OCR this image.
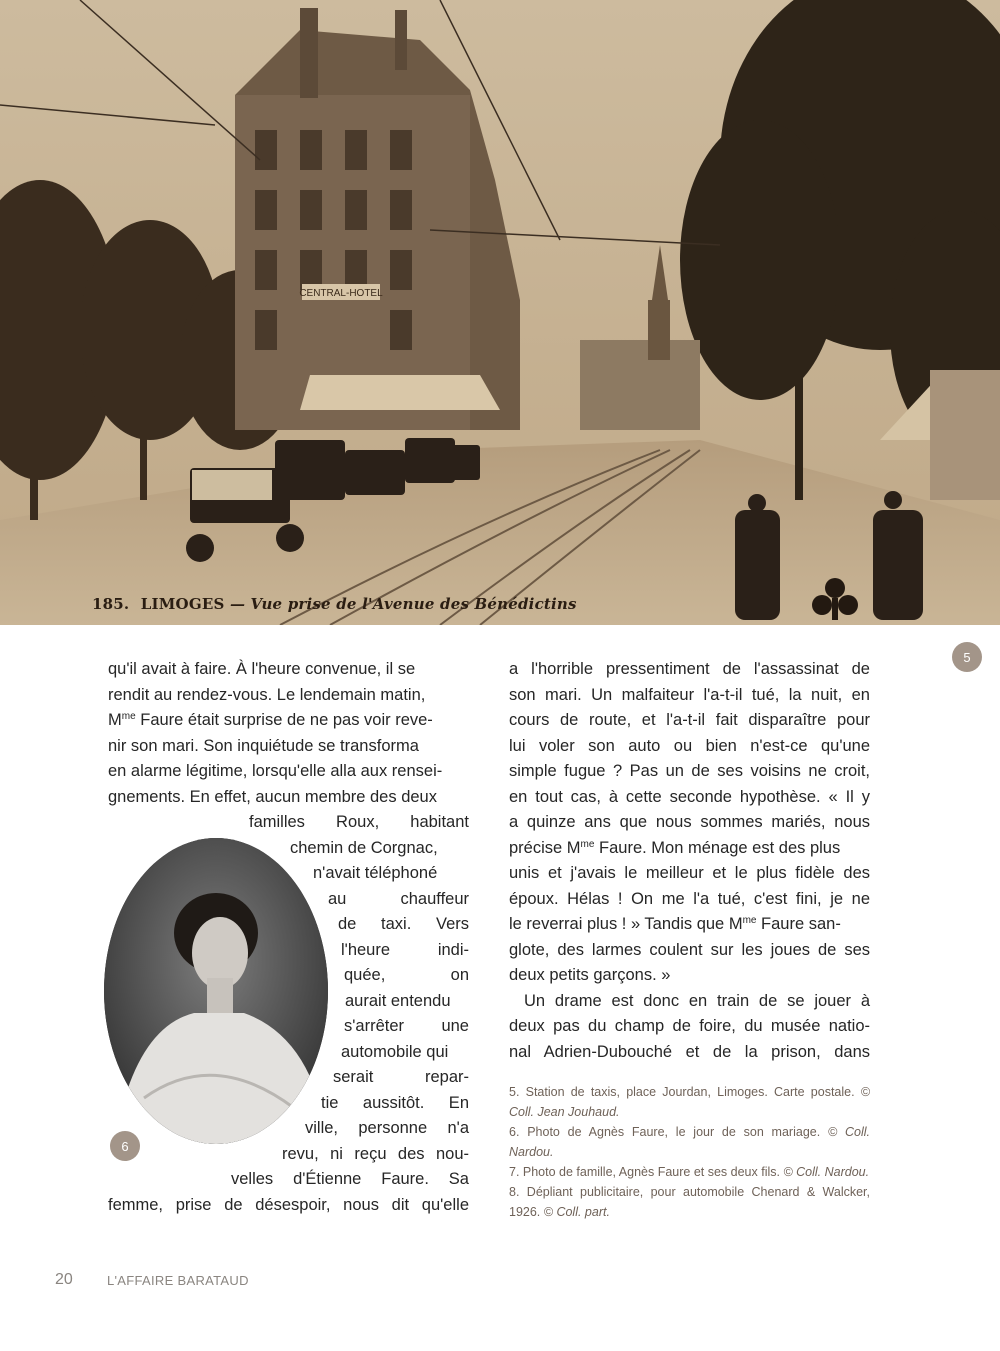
CENTRAL-HOTEL
185. LIMOGES — Vue prise de l'Avenue des Bénédictins
5

qu'il avait à faire. À l'heure convenue, il se

rendit au rendez-vous. Le lendemain matin,

$M^{me}$ Faure était surprise de ne pas voir reve-

nir son mari. Son inquiétude se transforma

en alarme légitime, lorsqu'elle alla aux rensei-

gnements. En effet, aucun membre des deux

familles Roux, habitant

chemin de Corgnac,

n'avait téléphoné

au chauffeur

de taxi. Vers

l'heure indi-

quée, on

aurait entendu

s'arrêter une

automobile qui

serait repar-

tie aussitôt. En

ville, personne n'a

revu, ni reçu des nou-

velles d'Étienne Faure. Sa

femme, prise de désespoir, nous dit qu'elle

6

a l'horrible pressentiment de l'assassinat de

son mari. Un malfaiteur l'a-t-il tué, la nuit, en

cours de route, et l'a-t-il fait disparaître pour

lui voler son auto ou bien n'est-ce qu'une

simple fugue ? Pas un de ses voisins ne croit,

en tout cas, à cette seconde hypothèse. « Il y

a quinze ans que nous sommes mariés, nous

précise $M^{me}$ Faure. Mon ménage est des plus

unis et j'avais le meilleur et le plus fidèle des

époux. Hélas ! On me l'a tué, c'est fini, je ne

le reverrai plus ! » Tandis que $M^{me}$ Faure san-

glote, des larmes coulent sur les joues de ses

deux petits garçons. »

Un drame est donc en train de se jouer à

deux pas du champ de foire, du musée natio-

nal Adrien-Dubouché et de la prison, dans

5. Station de taxis, place Jourdan, Limoges. Carte postale. © Coll. Jean Jouhaud.

6. Photo de Agnès Faure, le jour de son mariage. © Coll. Nardou.

7. Photo de famille, Agnès Faure et ses deux fils. © Coll. Nardou.

8. Dépliant publicitaire, pour automobile Chenard & Walcker, 1926. © Coll. part.

20	L'AFFAIRE BARATAUD
